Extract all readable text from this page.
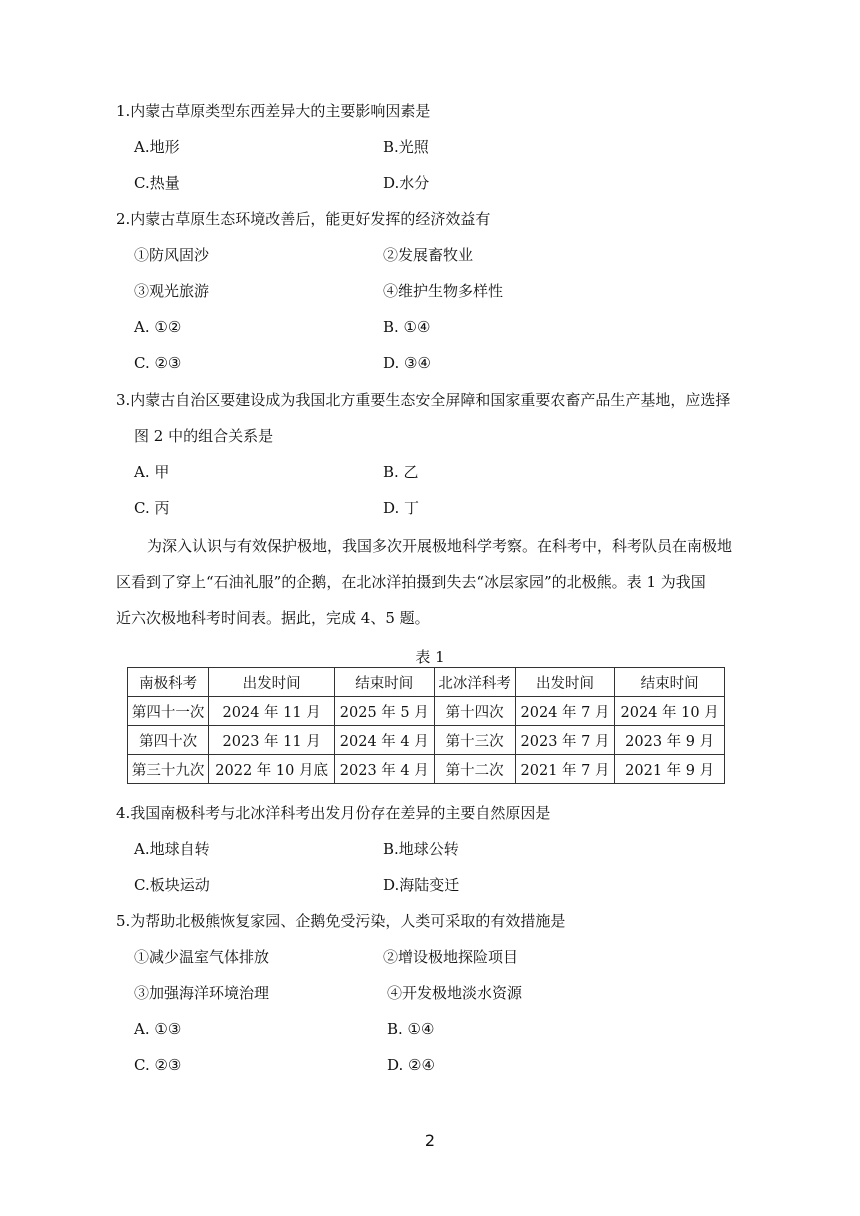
1.内蒙古草原类型东西差异大的主要影响因素是
A.地形	B.光照
C.热量	D.水分
2.内蒙古草原生态环境改善后，能更好发挥的经济效益有
①防风固沙	②发展畜牧业
③观光旅游	④维护生物多样性
A. ①②	B. ①④
C. ②③	D. ③④
3.内蒙古自治区要建设成为我国北方重要生态安全屏障和国家重要农畜产品生产基地，应选择
图 2 中的组合关系是
A. 甲	B. 乙
C. 丙	D. 丁
为深入认识与有效保护极地，我国多次开展极地科学考察。在科考中，科考队员在南极地
区看到了穿上“石油礼服”的企鹅，在北冰洋拍摄到失去“冰层家园”的北极熊。表 1 为我国
近六次极地科考时间表。据此，完成 4、5 题。
表 1
南极科考	出发时间	结束时间	北冰洋科考	出发时间	结束时间
第四十一次	2024 年 11 月	2025 年 5 月	第十四次	2024 年 7 月	2024 年 10 月
第四十次	2023 年 11 月	2024 年 4 月	第十三次	2023 年 7 月	2023 年 9 月
第三十九次	2022 年 10 月底	2023 年 4 月	第十二次	2021 年 7 月	2021 年 9 月
4.我国南极科考与北冰洋科考出发月份存在差异的主要自然原因是
A.地球自转	B.地球公转
C.板块运动	D.海陆变迁
5.为帮助北极熊恢复家园、企鹅免受污染，人类可采取的有效措施是
①减少温室气体排放	②增设极地探险项目
③加强海洋环境治理	④开发极地淡水资源
A. ①③	B. ①④
C. ②③	D. ②④
2
